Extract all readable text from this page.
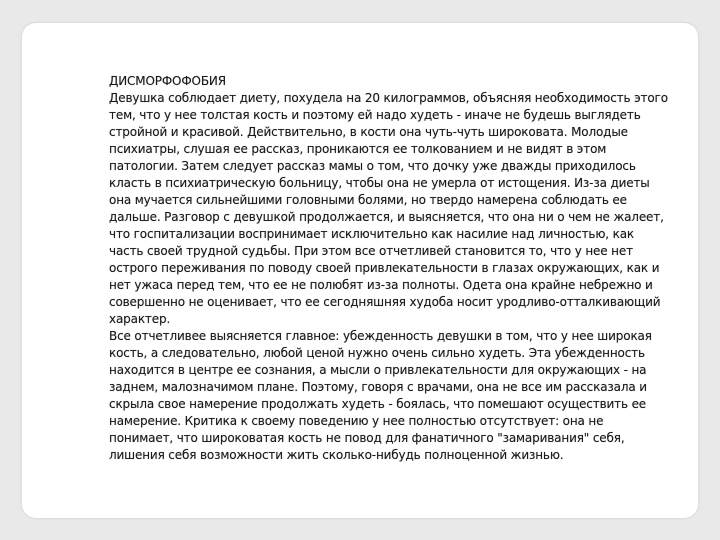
ДИСМОРФОФОБИЯ

Девушка соблюдает диету, похудела на 20 килограммов, объясняя необходимость этого тем, что у нее толстая кость и поэтому ей надо худеть - иначе не будешь выглядеть стройной и красивой. Действительно, в кости она чуть-чуть широковата. Молодые психиатры, слушая ее рассказ, проникаются ее толкованием и не видят в этом патологии. Затем следует рассказ мамы о том, что дочку уже дважды приходилось класть в психиатрическую больницу, чтобы она не умерла от истощения. Из-за диеты она мучается сильнейшими головными болями, но твердо намерена соблюдать ее дальше. Разговор с девушкой продолжается, и выясняется, что она ни о чем не жалеет, что госпитализации воспринимает исключительно как насилие над личностью, как часть своей трудной судьбы. При этом все отчетливей становится то, что у нее нет острого переживания по поводу своей привлекательности в глазах окружающих, как и нет ужаса перед тем, что ее не полюбят из-за полноты. Одета она крайне небрежно и совершенно не оценивает, что ее сегодняшняя худоба носит уродливо-отталкивающий характер.

Все отчетливее выясняется главное: убежденность девушки в том, что у нее широкая кость, а следовательно, любой ценой нужно очень сильно худеть. Эта убежденность находится в центре ее сознания, а мысли о привлекательности для окружающих - на заднем, малозначимом плане. Поэтому, говоря с врачами, она не все им рассказала и скрыла свое намерение продолжать худеть - боялась, что помешают осуществить ее намерение. Критика к своему поведению у нее полностью отсутствует: она не понимает, что широковатая кость не повод для фанатичного "замаривания" себя, лишения себя возможности жить сколько-нибудь полноценной жизнью.
